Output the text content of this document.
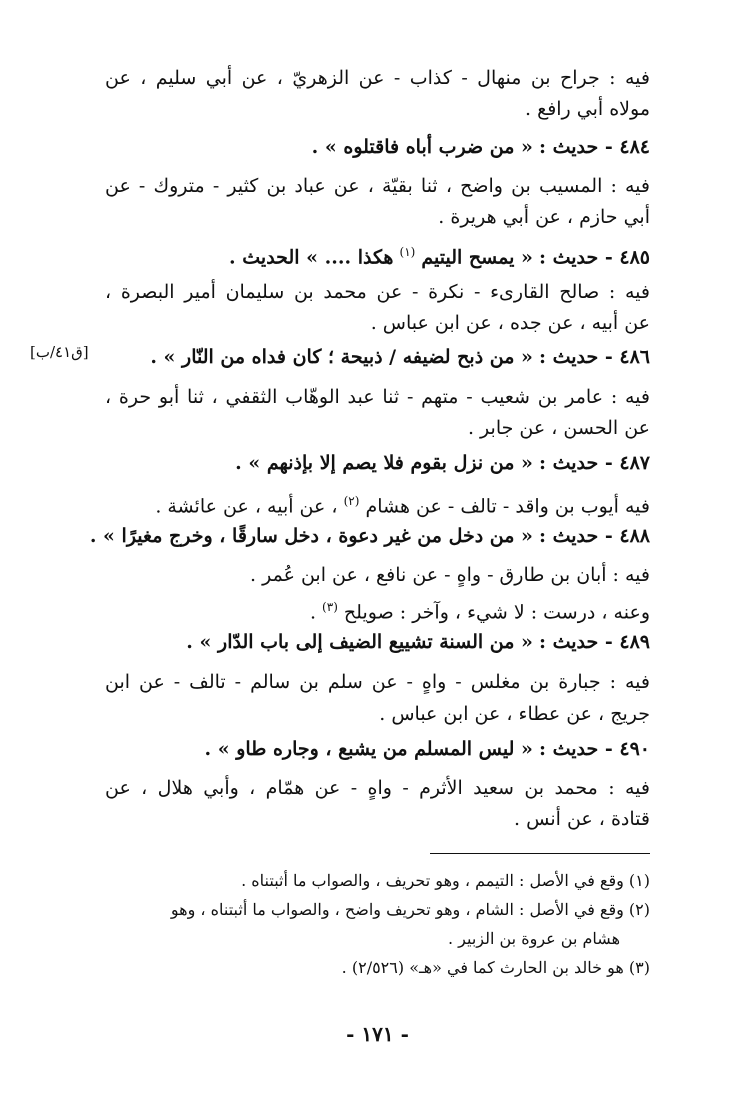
فيه : جراح بن منهال - كذاب - عن الزهريّ ، عن أبي سليم ، عن
مولاه أبي رافع .
٤٨٤ - حديث : « من ضرب أباه فاقتلوه » .
فيه : المسيب بن واضح ، ثنا بقيّة ، عن عباد بن كثير - متروك - عن
أبي حازم ، عن أبي هريرة .
٤٨٥ - حديث : « يمسح اليتيم $^{(١)}$ هكذا .... » الحديث .
فيه : صالح القارىء - نكرة - عن محمد بن سليمان أمير البصرة ،
عن أبيه ، عن جده ، عن ابن عباس .
٤٨٦ - حديث : « من ذبح لضيفه / ذبيحة ؛ كان فداه من النّار » .
فيه : عامر بن شعيب - متهم - ثنا عبد الوهّاب الثقفي ، ثنا أبو حرة ،
عن الحسن ، عن جابر .
٤٨٧ - حديث : « من نزل بقوم فلا يصم إلا بإذنهم » .
فيه أيوب بن واقد - تالف - عن هشام $^{(٢)}$ ، عن أبيه ، عن عائشة .
٤٨٨ - حديث : « من دخل من غير دعوة ، دخل سارقًا ، وخرج مغيرًا » .
فيه : أبان بن طارق - واهٍ - عن نافع ، عن ابن عُمر .
وعنه ، درست : لا شيء ، وآخر : صويلح $^{(٣)}$ .
٤٨٩ - حديث : « من السنة تشييع الضيف إلى باب الدّار » .
فيه : جبارة بن مغلس - واهٍ - عن سلم بن سالم - تالف - عن ابن
جريج ، عن عطاء ، عن ابن عباس .
٤٩٠ - حديث : « ليس المسلم من يشبع ، وجاره طاو » .
فيه : محمد بن سعيد الأثرم - واهٍ - عن همّام ، وأبي هلال ، عن
قتادة ، عن أنس .
[ق٤١/ب]
(١) وقع في الأصل : التيمم ، وهو تحريف ، والصواب ما أثبتناه .
(٢) وقع في الأصل : الشام ، وهو تحريف واضح ، والصواب ما أثبتناه ، وهو
هشام بن عروة بن الزبير .
(٣) هو خالد بن الحارث كما في «هـ» (٢/٥٢٦) .
- ١٧١ -
